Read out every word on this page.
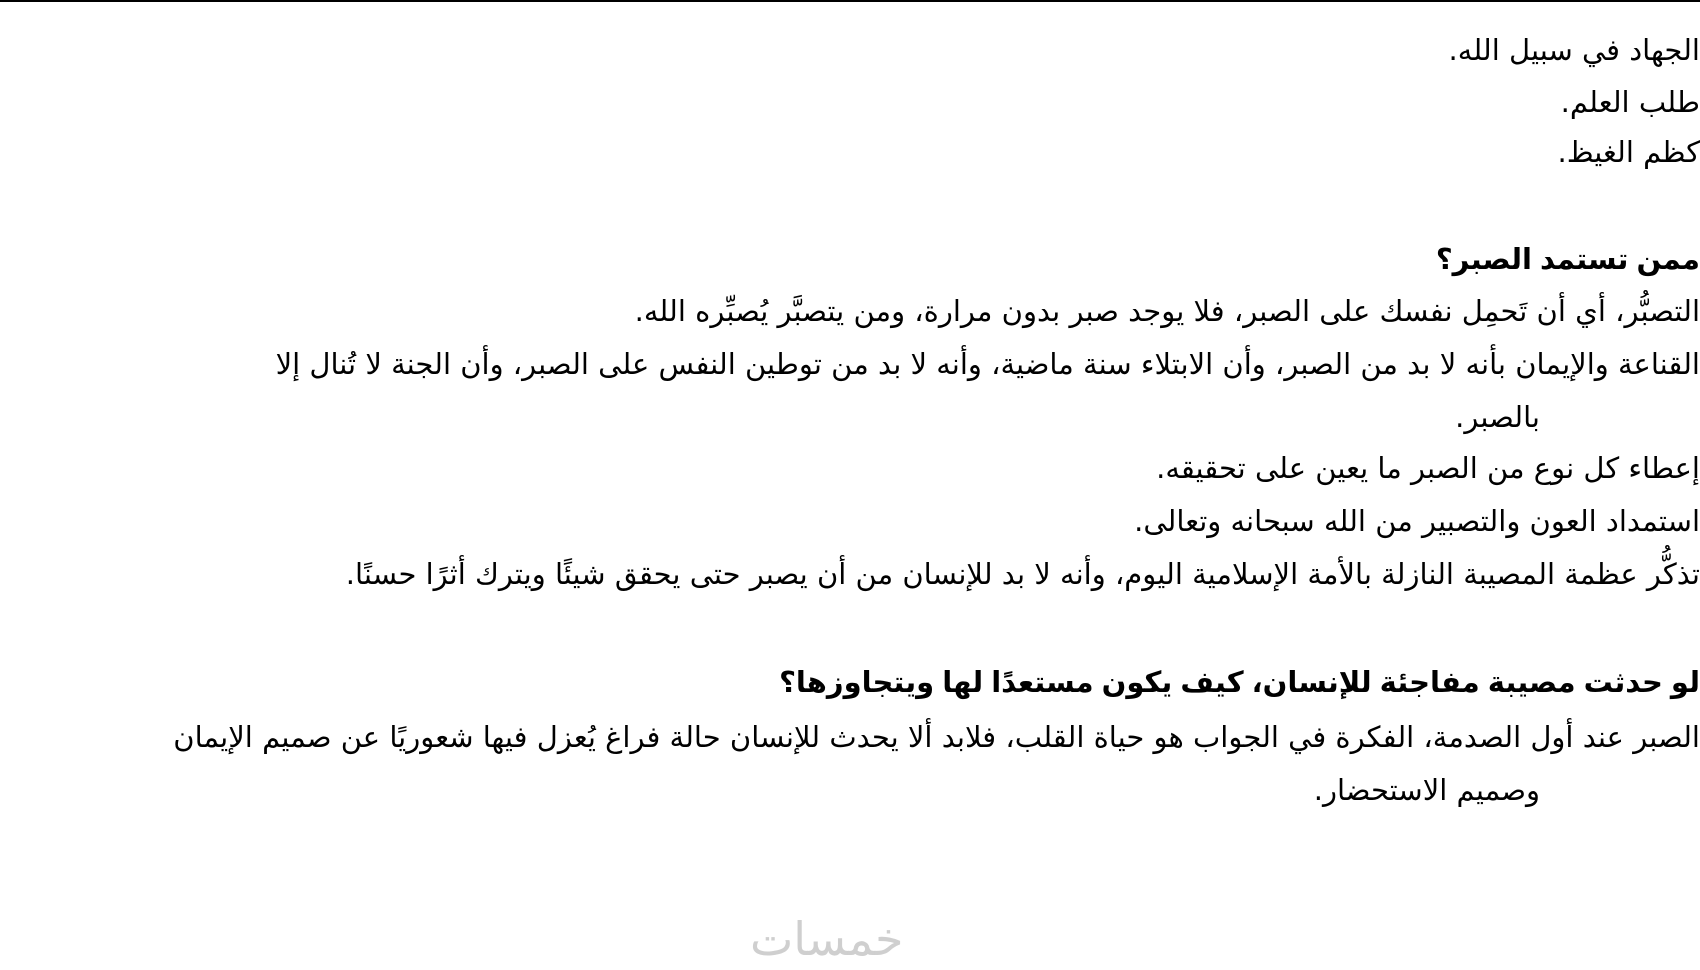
الجهاد في سبيل الله.
طلب العلم.
كظم الغيظ.
ممن تستمد الصبر؟
التصبُّر، أي أن تَحمِل نفسك على الصبر، فلا يوجد صبر بدون مرارة، ومن يتصبَّر يُصبِّره الله.
القناعة والإيمان بأنه لا بد من الصبر، وأن الابتلاء سنة ماضية، وأنه لا بد من توطين النفس على الصبر، وأن الجنة لا تُنال إلا
بالصبر.
إعطاء كل نوع من الصبر ما يعين على تحقيقه.
استمداد العون والتصبير من الله سبحانه وتعالى.
تذكُّر عظمة المصيبة النازلة بالأمة الإسلامية اليوم، وأنه لا بد للإنسان من أن يصبر حتى يحقق شيئًا ويترك أثرًا حسنًا.
لو حدثت مصيبة مفاجئة للإنسان، كيف يكون مستعدًا لها ويتجاوزها؟
الصبر عند أول الصدمة، الفكرة في الجواب هو حياة القلب، فلابد ألا يحدث للإنسان حالة فراغ يُعزل فيها شعوريًا عن صميم الإيمان
وصميم الاستحضار.
خمسات
